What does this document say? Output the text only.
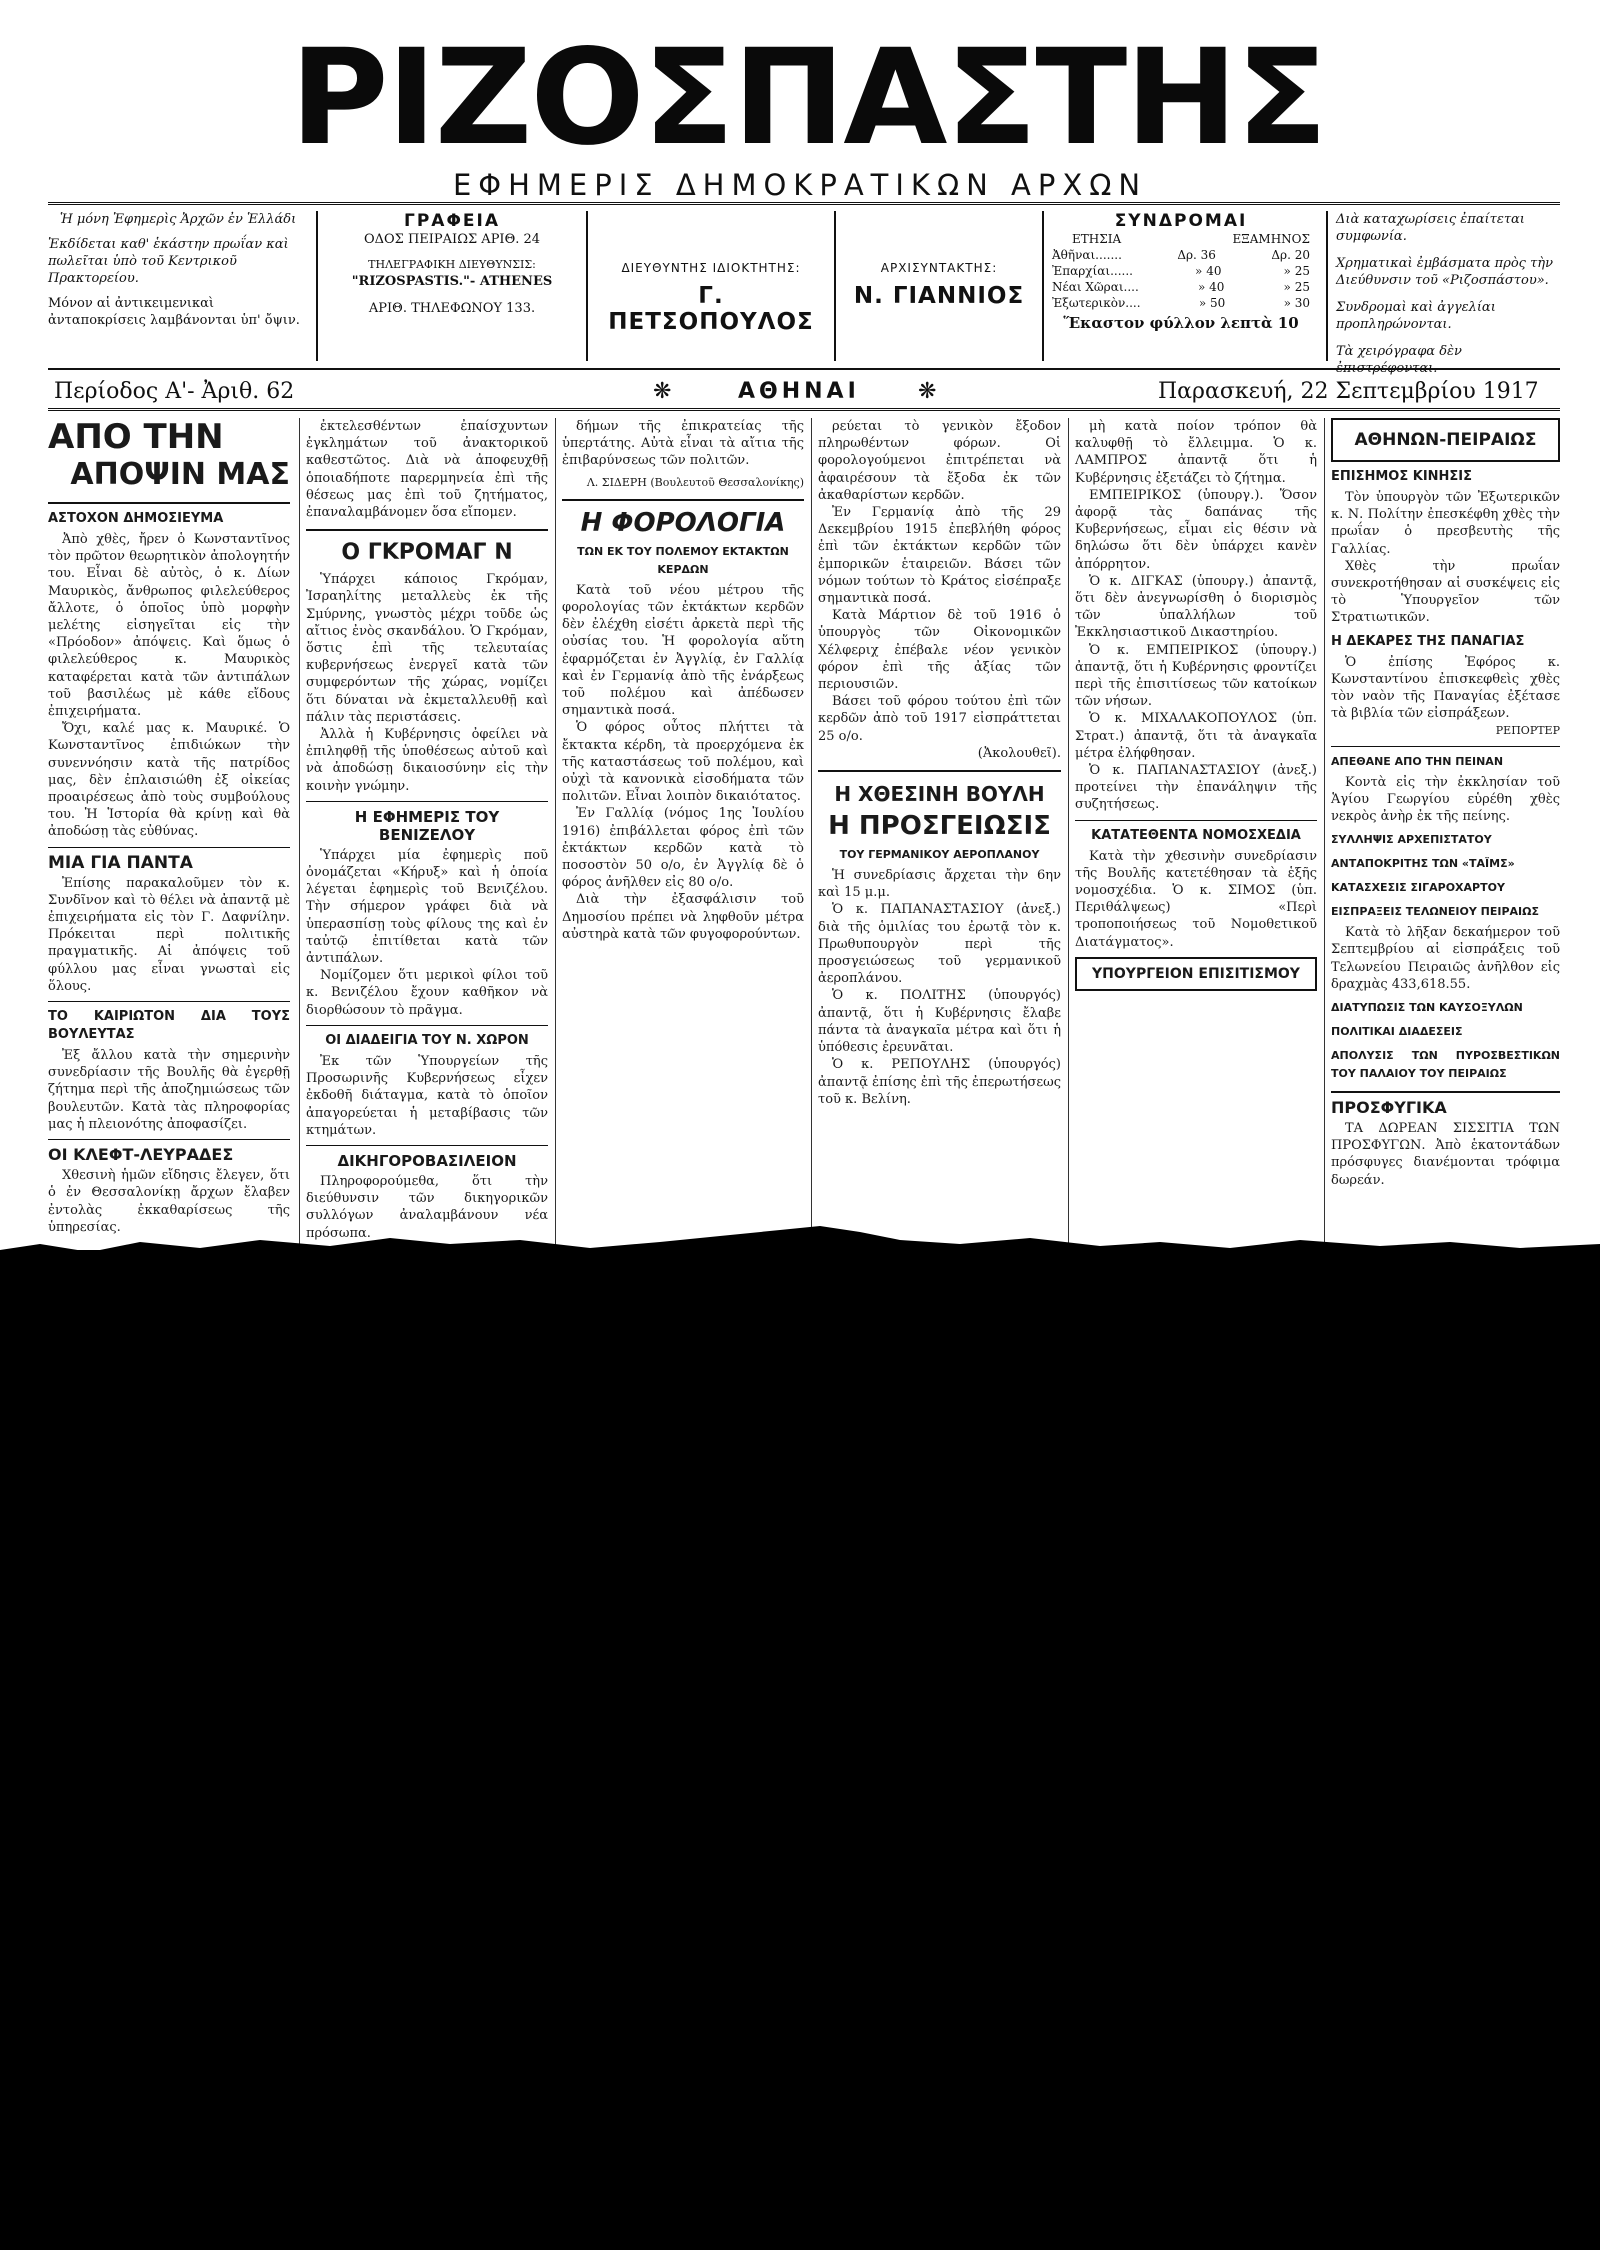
ΡΙΖΟΣΠΑΣΤΗΣ
ΕΦΗΜΕΡΙΣ ΔΗΜΟΚΡΑΤΙΚΩΝ ΑΡΧΩΝ
Ἡ μόνη Ἐφημερὶς Ἀρχῶν ἐν Ἑλλάδι
Ἐκδίδεται καθ' ἑκάστην πρωΐαν καὶ πωλεῖται ὑπὸ τοῦ Κεντρικοῦ Πρακτορείου.
Μόνον αἱ ἀντικειμενικαὶ ἀνταποκρίσεις λαμβάνονται ὑπ' ὄψιν.
ΓΡΑΦΕΙΑ
ΟΔΟΣ ΠΕΙΡΑΙΩΣ ΑΡΙΘ. 24
ΤΗΛΕΓΡΑΦΙΚΗ ΔΙΕΥΘΥΝΣΙΣ:
"RIZOSPASTIS."- ATHENES
ΑΡΙΘ. ΤΗΛΕΦΩΝΟΥ 133.
ΔΙΕΥΘΥΝΤΗΣ ΙΔΙΟΚΤΗΤΗΣ:
Γ. ΠΕΤΣΟΠΟΥΛΟΣ
ΑΡΧΙΣΥΝΤΑΚΤΗΣ:
Ν. ΓΙΑΝΝΙΟΣ
ΣΥΝΔΡΟΜΑΙ
ΕΤΗΣΙΑ	ΕΞΑΜΗΝΟΣ
Ἀθῆναι.......	Δρ. 36	Δρ. 20
Ἐπαρχίαι......	» 40	» 25
Νέαι Χῶραι....	» 40	» 25
Ἐξωτερικὸν....	» 50	» 30
Ἕκαστον φύλλον λεπτὰ 10
Διὰ καταχωρίσεις ἐπαίτεται συμφωνία.
Χρηματικαὶ ἐμβάσματα πρὸς τὴν Διεύθυνσιν τοῦ «Ριζοσπάστου».
Συνδρομαὶ καὶ ἀγγελίαι προπληρώνονται.
Τὰ χειρόγραφα δὲν ἐπιστρέφονται.
Περίοδος Α'- Ἀριθ. 62	❋	ΑΘΗΝΑΙ	❋	Παρασκευή, 22 Σεπτεμβρίου 1917
ΑΠΟ ΤΗΝ
ΑΠΟΨΙΝ ΜΑΣ
ΑΣΤΟΧΟΝ ΔΗΜΟΣΙΕΥΜΑ
Ἀπὸ χθὲς, ἤρεν ὁ Κωνσταντῖνος τὸν πρῶτον θεωρητικὸν ἀπολογητήν του. Εἶναι δὲ αὐτὸς, ὁ κ. Δίων Μαυρικὸς, ἄνθρωπος φιλελεύθερος ἄλλοτε, ὁ ὁποῖος ὑπὸ μορφὴν μελέτης εἰσηγεῖται εἰς τὴν «Πρόοδον» ἀπόψεις. Καὶ ὅμως ὁ φιλελεύθερος κ. Μαυρικὸς καταφέρεται κατὰ τῶν ἀντιπάλων τοῦ βασιλέως μὲ κάθε εἴδους ἐπιχειρήματα.
Ὄχι, καλέ μας κ. Μαυρικέ. Ὁ Κωνσταντῖνος ἐπιδιώκων τὴν συνεννόησιν κατὰ τῆς πατρίδος μας, δὲν ἐπλαισιώθη ἐξ οἰκείας προαιρέσεως ἀπὸ τοὺς συμβούλους του. Ἡ Ἱστορία θὰ κρίνῃ καὶ θὰ ἀποδώσῃ τὰς εὐθύνας.
ΜΙΑ ΓΙΑ ΠΑΝΤΑ
Ἐπίσης παρακαλοῦμεν τὸν κ. Συνδῖνον καὶ τὸ θέλει νὰ ἀπαντᾷ μὲ ἐπιχειρήματα εἰς τὸν Γ. Δαφνίλην. Πρόκειται περὶ πολιτικῆς πραγματικῆς. Αἱ ἀπόψεις τοῦ φύλλου μας εἶναι γνωσταὶ εἰς ὅλους.
ΤΟ ΚΑΙΡΙΩΤΟΝ ΔΙΑ ΤΟΥΣ ΒΟΥΛΕΥΤΑΣ
Ἐξ ἄλλου κατὰ τὴν σημερινὴν συνεδρίασιν τῆς Βουλῆς θὰ ἐγερθῇ ζήτημα περὶ τῆς ἀποζημιώσεως τῶν βουλευτῶν. Κατὰ τὰς πληροφορίας μας ἡ πλειονότης ἀποφασίζει.
ΟΙ ΚΛΕΦΤ-ΛΕΥΡΑΔΕΣ
Χθεσινὴ ἡμῶν εἴδησις ἔλεγεν, ὅτι ὁ ἐν Θεσσαλονίκῃ ἄρχων ἔλαβεν ἐντολὰς ἐκκαθαρίσεως τῆς ὑπηρεσίας.
ἐκτελεσθέντων ἐπαίσχυντων ἐγκλημάτων τοῦ ἀνακτορικοῦ καθεστῶτος. Διὰ νὰ ἀποφευχθῇ ὁποιαδήποτε παρερμηνεία ἐπὶ τῆς θέσεως μας ἐπὶ τοῦ ζητήματος, ἐπαναλαμβάνομεν ὅσα εἴπομεν.
Ο ΓΚΡΟΜΑΓ Ν
Ὑπάρχει κάποιος Γκρόμαν, Ἰσραηλίτης μεταλλεὺς ἐκ τῆς Σμύρνης, γνωστὸς μέχρι τοῦδε ὡς αἴτιος ἐνὸς σκανδάλου. Ὁ Γκρόμαν, ὅστις ἐπὶ τῆς τελευταίας κυβερνήσεως ἐνεργεῖ κατὰ τῶν συμφερόντων τῆς χώρας, νομίζει ὅτι δύναται νὰ ἐκμεταλλευθῇ καὶ πάλιν τὰς περιστάσεις.
Ἀλλὰ ἡ Κυβέρνησις ὀφείλει νὰ ἐπιληφθῇ τῆς ὑποθέσεως αὐτοῦ καὶ νὰ ἀποδώσῃ δικαιοσύνην εἰς τὴν κοινὴν γνώμην.
Η ΕΦΗΜΕΡΙΣ ΤΟΥ ΒΕΝΙΖΕΛΟΥ
Ὑπάρχει μία ἐφημερὶς ποῦ ὀνομάζεται «Κήρυξ» καὶ ἡ ὁποία λέγεται ἐφημερὶς τοῦ Βενιζέλου. Τὴν σήμερον γράφει διὰ νὰ ὑπερασπίσῃ τοὺς φίλους της καὶ ἐν ταὐτῷ ἐπιτίθεται κατὰ τῶν ἀντιπάλων.
Νομίζομεν ὅτι μερικοὶ φίλοι τοῦ κ. Βενιζέλου ἔχουν καθῆκον νὰ διορθώσουν τὸ πρᾶγμα.
ΟΙ ΔΙΑΔΕΙΓΙΑ ΤΟΥ Ν. ΧΩΡΟΝ
Ἐκ τῶν Ὑπουργείων τῆς Προσωρινῆς Κυβερνήσεως εἶχεν ἐκδοθῆ διάταγμα, κατὰ τὸ ὁποῖον ἀπαγορεύεται ἡ μεταβίβασις τῶν κτημάτων.
ΔΙΚΗΓΟΡΟΒΑΣΙΛΕΙΟΝ
Πληροφορούμεθα, ὅτι τὴν διεύθυνσιν τῶν δικηγορικῶν συλλόγων ἀναλαμβάνουν νέα πρόσωπα.
δήμων τῆς ἐπικρατείας τῆς ὑπερτάτης. Αὐτὰ εἶναι τὰ αἴτια τῆς ἐπιβαρύνσεως τῶν πολιτῶν.
Λ. ΣΙΔΕΡΗ (Βουλευτοῦ Θεσσαλονίκης)
Η ΦΟΡΟΛΟΓΙΑ
ΤΩΝ ΕΚ ΤΟΥ ΠΟΛΕΜΟΥ ΕΚΤΑΚΤΩΝ ΚΕΡΔΩΝ
Κατὰ τοῦ νέου μέτρου τῆς φορολογίας τῶν ἐκτάκτων κερδῶν δὲν ἐλέχθη εἰσέτι ἀρκετὰ περὶ τῆς οὐσίας του. Ἡ φορολογία αὕτη ἐφαρμόζεται ἐν Ἀγγλίᾳ, ἐν Γαλλίᾳ καὶ ἐν Γερμανίᾳ ἀπὸ τῆς ἐνάρξεως τοῦ πολέμου καὶ ἀπέδωσεν σημαντικὰ ποσά.
Ὁ φόρος οὗτος πλήττει τὰ ἔκτακτα κέρδη, τὰ προερχόμενα ἐκ τῆς καταστάσεως τοῦ πολέμου, καὶ οὐχὶ τὰ κανονικὰ εἰσοδήματα τῶν πολιτῶν. Εἶναι λοιπὸν δικαιότατος.
Ἐν Γαλλίᾳ (νόμος 1ης Ἰουλίου 1916) ἐπιβάλλεται φόρος ἐπὶ τῶν ἐκτάκτων κερδῶν κατὰ τὸ ποσοστὸν 50 ο/ο, ἐν Ἀγγλίᾳ δὲ ὁ φόρος ἀνῆλθεν εἰς 80 ο/ο.
Διὰ τὴν ἐξασφάλισιν τοῦ Δημοσίου πρέπει νὰ ληφθοῦν μέτρα αὐστηρὰ κατὰ τῶν φυγοφορούντων.
ρεύεται τὸ γενικὸν ἔξοδον πληρωθέντων φόρων. Οἱ φορολογούμενοι ἐπιτρέπεται νὰ ἀφαιρέσουν τὰ ἔξοδα ἐκ τῶν ἀκαθαρίστων κερδῶν.
Ἐν Γερμανίᾳ ἀπὸ τῆς 29 Δεκεμβρίου 1915 ἐπεβλήθη φόρος ἐπὶ τῶν ἐκτάκτων κερδῶν τῶν ἐμπορικῶν ἑταιρειῶν. Βάσει τῶν νόμων τούτων τὸ Κράτος εἰσέπραξε σημαντικὰ ποσά.
Κατὰ Μάρτιον δὲ τοῦ 1916 ὁ ὑπουργὸς τῶν Οἰκονομικῶν Χέλφεριχ ἐπέβαλε νέον γενικὸν φόρον ἐπὶ τῆς ἀξίας τῶν περιουσιῶν.
Βάσει τοῦ φόρου τούτου ἐπὶ τῶν κερδῶν ἀπὸ τοῦ 1917 εἰσπράττεται 25 ο/ο.
(Ἀκολουθεῖ).
Η ΧΘΕΣΙΝΗ ΒΟΥΛΗ
Η ΠΡΟΣΓΕΙΩΣΙΣ
ΤΟΥ ΓΕΡΜΑΝΙΚΟΥ ΑΕΡΟΠΛΑΝΟΥ
Ἡ συνεδρίασις ἄρχεται τὴν 6ην καὶ 15 μ.μ.
Ὁ κ. ΠΑΠΑΝΑΣΤΑΣΙΟΥ (ἀνεξ.) διὰ τῆς ὁμιλίας του ἐρωτᾷ τὸν κ. Πρωθυπουργὸν περὶ τῆς προσγειώσεως τοῦ γερμανικοῦ ἀεροπλάνου.
Ὁ κ. ΠΟΛΙΤΗΣ (ὑπουργός) ἀπαντᾷ, ὅτι ἡ Κυβέρνησις ἔλαβε πάντα τὰ ἀναγκαῖα μέτρα καὶ ὅτι ἡ ὑπόθεσις ἐρευνᾶται.
Ὁ κ. ΡΕΠΟΥΛΗΣ (ὑπουργός) ἀπαντᾷ ἐπίσης ἐπὶ τῆς ἐπερωτήσεως τοῦ κ. Βελίνη.
μὴ κατὰ ποίον τρόπον θὰ καλυφθῇ τὸ ἔλλειμμα. Ὁ κ. ΛΑΜΠΡΟΣ ἀπαντᾷ ὅτι ἡ Κυβέρνησις ἐξετάζει τὸ ζήτημα.
ΕΜΠΕΙΡΙΚΟΣ (ὑπουργ.). Ὅσον ἀφορᾷ τὰς δαπάνας τῆς Κυβερνήσεως, εἶμαι εἰς θέσιν νὰ δηλώσω ὅτι δὲν ὑπάρχει κανὲν ἀπόρρητον.
Ὁ κ. ΔΙΓΚΑΣ (ὑπουργ.) ἀπαντᾷ, ὅτι δὲν ἀνεγνωρίσθη ὁ διορισμὸς τῶν ὑπαλλήλων τοῦ Ἐκκλησιαστικοῦ Δικαστηρίου.
Ὁ κ. ΕΜΠΕΙΡΙΚΟΣ (ὑπουργ.) ἀπαντᾷ, ὅτι ἡ Κυβέρνησις φροντίζει περὶ τῆς ἐπισιτίσεως τῶν κατοίκων τῶν νήσων.
Ὁ κ. ΜΙΧΑΛΑΚΟΠΟΥΛΟΣ (ὑπ. Στρατ.) ἀπαντᾷ, ὅτι τὰ ἀναγκαῖα μέτρα ἐλήφθησαν.
Ὁ κ. ΠΑΠΑΝΑΣΤΑΣΙΟΥ (ἀνεξ.) προτείνει τὴν ἐπανάληψιν τῆς συζητήσεως.
ΚΑΤΑΤΕΘΕΝΤΑ ΝΟΜΟΣΧΕΔΙΑ
Κατὰ τὴν χθεσινὴν συνεδρίασιν τῆς Βουλῆς κατετέθησαν τὰ ἑξῆς νομοσχέδια. Ὁ κ. ΣΙΜΟΣ (ὑπ. Περιθάλψεως) «Περὶ τροποποιήσεως τοῦ Νομοθετικοῦ Διατάγματος».
ΥΠΟΥΡΓΕΙΟΝ ΕΠΙΣΙΤΙΣΜΟΥ
ΑΘΗΝΩΝ-ΠΕΙΡΑΙΩΣ
ΕΠΙΣΗΜΟΣ ΚΙΝΗΣΙΣ
Τὸν ὑπουργὸν τῶν Ἐξωτερικῶν κ. Ν. Πολίτην ἐπεσκέφθη χθὲς τὴν πρωΐαν ὁ πρεσβευτὴς τῆς Γαλλίας.
Χθὲς τὴν πρωΐαν συνεκροτήθησαν αἱ συσκέψεις εἰς τὸ Ὑπουργεῖον τῶν Στρατιωτικῶν.
Η ΔΕΚΑΡΕΣ ΤΗΣ ΠΑΝΑΓΙΑΣ
Ὁ ἐπίσης Ἐφόρος κ. Κωνσταντίνου ἐπισκεφθεὶς χθὲς τὸν ναὸν τῆς Παναγίας ἐξέτασε τὰ βιβλία τῶν εἰσπράξεων.
ΡΕΠΟΡΤΕΡ
ΑΠΕΘΑΝΕ ΑΠΟ ΤΗΝ ΠΕΙΝΑΝ
Κοντὰ εἰς τὴν ἐκκλησίαν τοῦ Ἁγίου Γεωργίου εὑρέθη χθὲς νεκρὸς ἀνὴρ ἐκ τῆς πείνης.
ΣΥΛΛΗΨΙΣ ΑΡΧΕΠΙΣΤΑΤΟΥ
ΑΝΤΑΠΟΚΡΙΤΗΣ ΤΩΝ «ΤΑΪΜΣ»
ΚΑΤΑΣΧΕΣΙΣ ΣΙΓΑΡΟΧΑΡΤΟΥ
ΕΙΣΠΡΑΞΕΙΣ ΤΕΛΩΝΕΙΟΥ ΠΕΙΡΑΙΩΣ
Κατὰ τὸ λῆξαν δεκαήμερον τοῦ Σεπτεμβρίου αἱ εἰσπράξεις τοῦ Τελωνείου Πειραιῶς ἀνῆλθον εἰς δραχμὰς 433,618.55.
ΔΙΑΤΥΠΩΣΙΣ ΤΩΝ ΚΑΥΣΟΞΥΛΩΝ
ΠΟΛΙΤΙΚΑΙ ΔΙΑΔΕΣΕΙΣ
ΑΠΟΛΥΣΙΣ ΤΩΝ ΠΥΡΟΣΒΕΣΤΙΚΩΝ ΤΟΥ ΠΑΛΑΙΟΥ ΤΟΥ ΠΕΙΡΑΙΩΣ
ΠΡΟΣΦΥΓΙΚΑ
ΤΑ ΔΩΡΕΑΝ ΣΙΣΣΙΤΙΑ ΤΩΝ ΠΡΟΣΦΥΓΩΝ. Ἀπὸ ἑκατοντάδων πρόσφυγες διανέμονται τρόφιμα δωρεάν.
